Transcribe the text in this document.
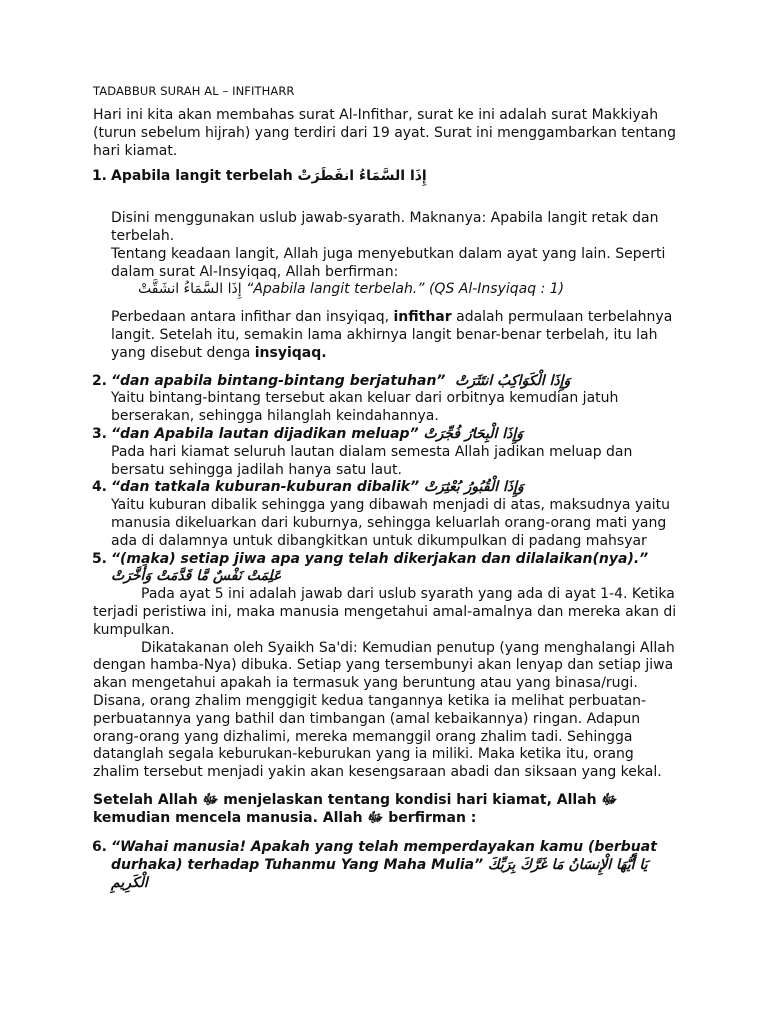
TADABBUR SURAH AL – INFITHARR

Hari ini kita akan membahas surat Al-Infithar, surat ke ini adalah surat Makkiyah (turun sebelum hijrah) yang terdiri dari 19 ayat. Surat ini menggambarkan tentang hari kiamat.

1. Apabila langit terbelah إِذَا السَّمَاءُ انفَطَرَتْ

Disini menggunakan uslub jawab-syarath. Maknanya: Apabila langit retak dan terbelah.

Tentang keadaan langit, Allah juga menyebutkan dalam ayat yang lain. Seperti dalam surat Al-Insyiqaq, Allah berfirman:

إِذَا السَّمَاءُ انشَقَّتْ “Apabila langit terbelah.” (QS Al-Insyiqaq : 1)

Perbedaan antara infithar dan insyiqaq, infithar adalah permulaan terbelahnya langit. Setelah itu, semakin lama akhirnya langit benar-benar terbelah, itu lah yang disebut denga insyiqaq.

2. “dan apabila bintang-bintang berjatuhan” وَإِذَا الْكَوَاكِبُ انتَثَرَتْ

Yaitu bintang-bintang tersebut akan keluar dari orbitnya kemudian jatuh berserakan, sehingga hilanglah keindahannya.

3. “dan Apabila lautan dijadikan meluap” وَإِذَا الْبِحَارُ فُجِّرَتْ

Pada hari kiamat seluruh lautan dialam semesta Allah jadikan meluap dan bersatu sehingga jadilah hanya satu laut.

4. “dan tatkala kuburan-kuburan dibalik” وَإِذَا الْقُبُورُ بُعْثِرَتْ

Yaitu kuburan dibalik sehingga yang dibawah menjadi di atas, maksudnya yaitu manusia dikeluarkan dari kuburnya, sehingga keluarlah orang-orang mati yang ada di dalamnya untuk dibangkitkan untuk dikumpulkan di padang mahsyar

5. “(maka) setiap jiwa apa yang telah dikerjakan dan dilalaikan(nya).”  عَلِمَتْ نَفْسٌ مَّا قَدَّمَتْ وَأَخَّرَتْ

Pada ayat 5 ini adalah jawab dari uslub syarath yang ada di ayat 1-4. Ketika terjadi peristiwa ini, maka manusia mengetahui amal-amalnya dan mereka akan di kumpulkan.

Dikatakanan oleh Syaikh Sa'di: Kemudian penutup (yang menghalangi Allah dengan hamba-Nya) dibuka. Setiap yang tersembunyi akan lenyap dan setiap jiwa akan mengetahui apakah ia termasuk yang beruntung atau yang binasa/rugi. Disana, orang zhalim menggigit kedua tangannya ketika ia melihat perbuatan-perbuatannya yang bathil dan timbangan (amal kebaikannya) ringan. Adapun orang-orang yang dizhalimi, mereka memanggil orang zhalim tadi. Sehingga datanglah segala keburukan-keburukan yang ia miliki. Maka ketika itu, orang zhalim tersebut menjadi yakin akan kesengsaraan abadi dan siksaan yang kekal.

Setelah Allah ﷻ menjelaskan tentang kondisi hari kiamat, Allah ﷻ kemudian mencela manusia. Allah ﷻ berfirman :

6. “Wahai manusia! Apakah yang telah memperdayakan kamu (berbuat durhaka) terhadap Tuhanmu Yang Maha Mulia” يَا أَيُّهَا الْإِنسَانُ مَا غَرَّكَ بِرَبِّكَ الْكَرِيمِ
